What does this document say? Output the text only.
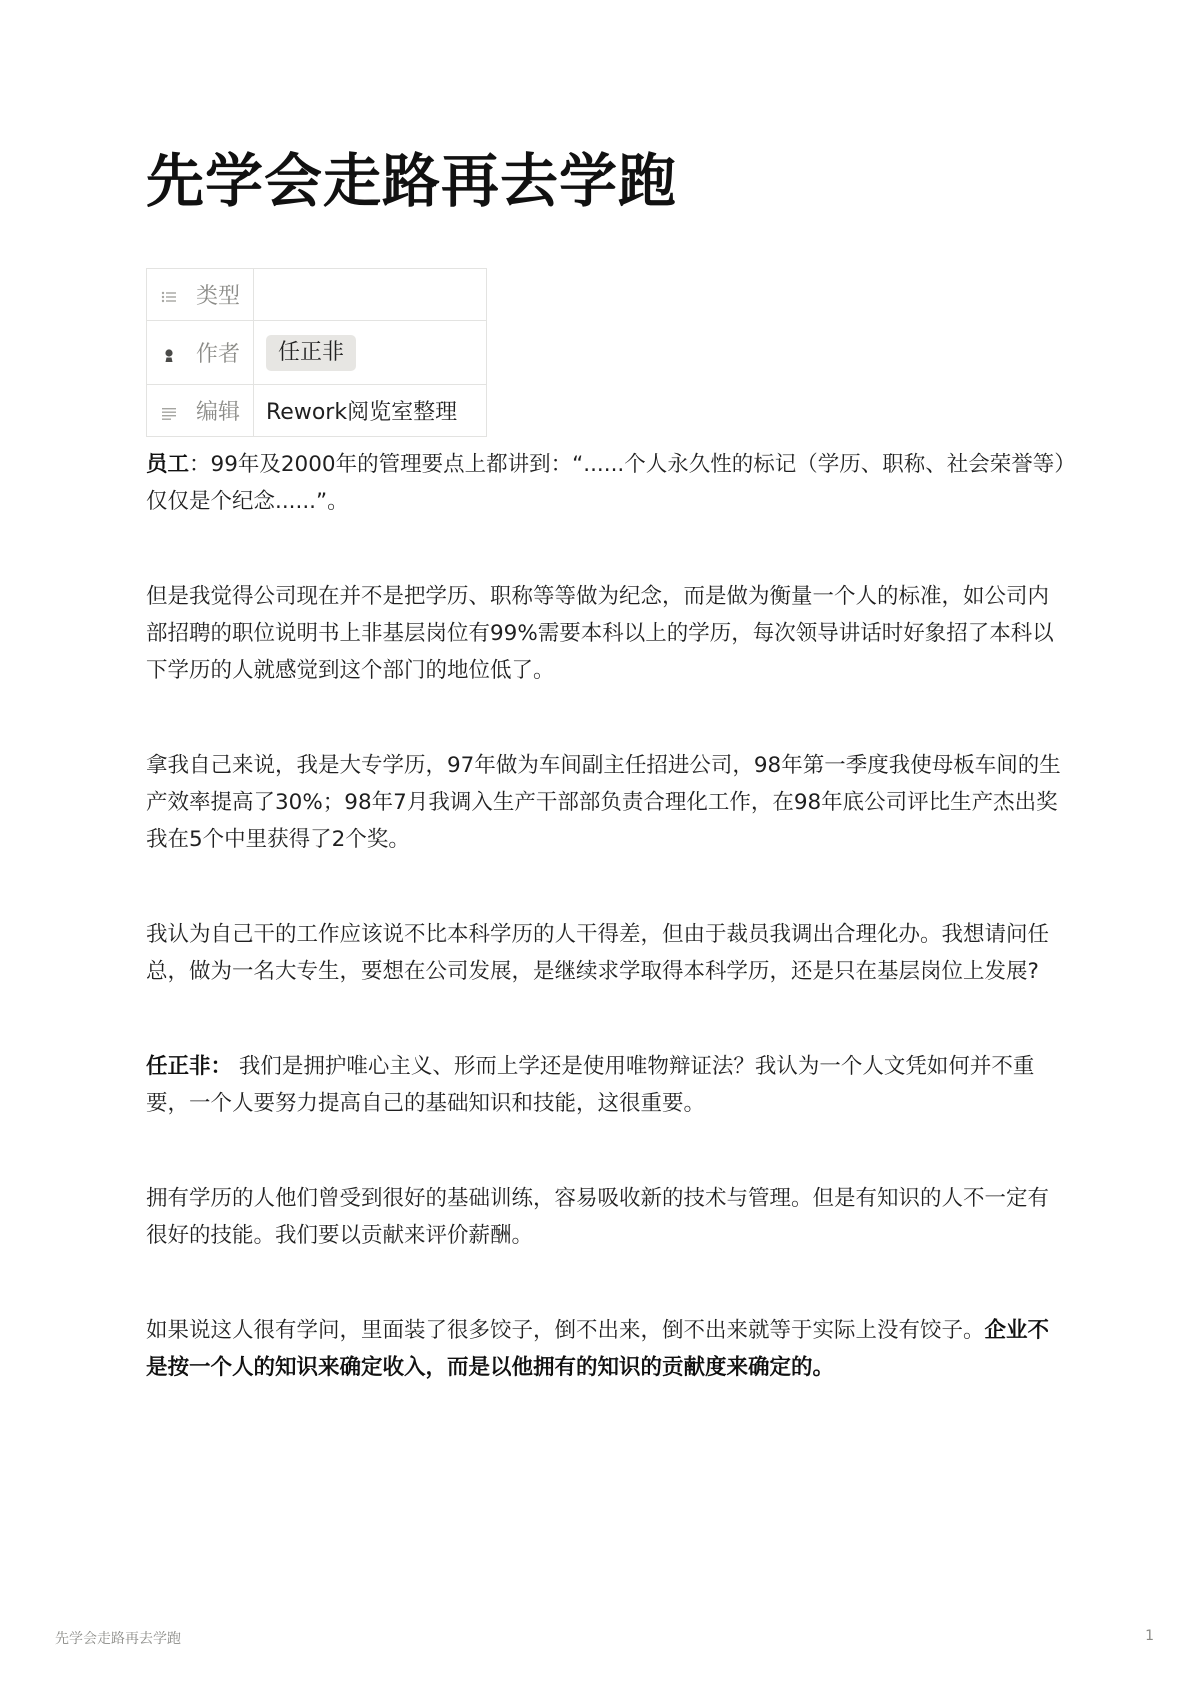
先学会走路再去学跑
类型	
作者	任正非
编辑	Rework阅览室整理

员工：99年及2000年的管理要点上都讲到：“......个人永久性的标记（学历、职称、社会荣誉等）仅仅是个纪念......”。

但是我觉得公司现在并不是把学历、职称等等做为纪念，而是做为衡量一个人的标准，如公司内部招聘的职位说明书上非基层岗位有99%需要本科以上的学历，每次领导讲话时好象招了本科以下学历的人就感觉到这个部门的地位低了。

拿我自己来说，我是大专学历，97年做为车间副主任招进公司，98年第一季度我使母板车间的生产效率提高了30%；98年7月我调入生产干部部负责合理化工作，在98年底公司评比生产杰出奖我在5个中里获得了2个奖。

我认为自己干的工作应该说不比本科学历的人干得差，但由于裁员我调出合理化办。我想请问任总，做为一名大专生，要想在公司发展，是继续求学取得本科学历，还是只在基层岗位上发展?

任正非： 我们是拥护唯心主义、形而上学还是使用唯物辩证法？我认为一个人文凭如何并不重要，一个人要努力提高自己的基础知识和技能，这很重要。

拥有学历的人他们曾受到很好的基础训练，容易吸收新的技术与管理。但是有知识的人不一定有很好的技能。我们要以贡献来评价薪酬。

如果说这人很有学问，里面装了很多饺子，倒不出来，倒不出来就等于实际上没有饺子。企业不是按一个人的知识来确定收入，而是以他拥有的知识的贡献度来确定的。

先学会走路再去学跑	1
